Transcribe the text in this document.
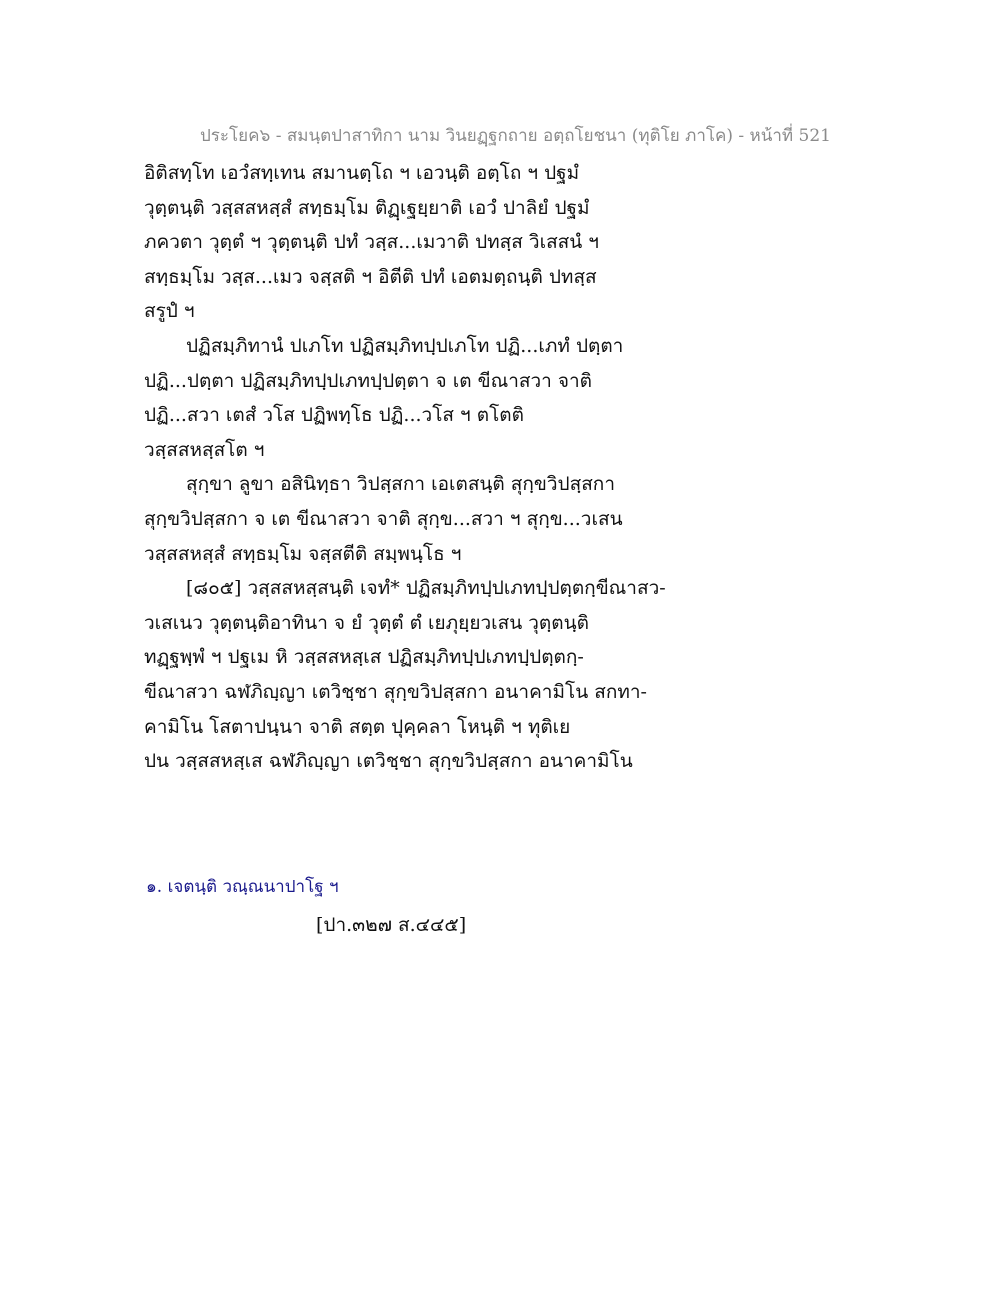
ประโยค๖ - สมนฺตปาสาทิกา นาม วินยฏฺฐกถาย อตฺถโยชนา (ทุติโย ภาโค) - หน้าที่ 521
อิติสทฺโท เอวํสทฺเทน สมานตฺโถ ฯ เอวนฺติ อตฺโถ ฯ ปฐมํ
วุตฺตนฺติ วสฺสสหสฺสํ สทฺธมฺโม ติฏฺเฐยฺยาติ เอวํ ปาลิยํ ปฐมํ
ภควตา วุตฺตํ ฯ วุตฺตนฺติ ปทํ วสฺส...เมวาติ ปทสฺส วิเสสนํ ฯ
สทฺธมฺโม วสฺส...เมว จสฺสติ ฯ อิตีติ ปทํ เอตมตฺถนฺติ ปทสฺส
สรูปํ ฯ
ปฏิสมฺภิทานํ ปเภโท ปฏิสมฺภิทปฺปเภโท ปฏิ...เภทํ ปตฺตา
ปฏิ...ปตฺตา ปฏิสมฺภิทปฺปเภทปฺปตฺตา จ เต ขีณาสวา จาติ
ปฏิ...สวา เตสํ วโส ปฏิพทฺโธ ปฏิ...วโส ฯ ตโตติ
วสฺสสหสฺสโต ฯ
สุกฺขา ลูขา อสินิทฺธา วิปสฺสกา เอเตสนฺติ สุกฺขวิปสฺสกา
สุกฺขวิปสฺสกา จ เต ขีณาสวา จาติ สุกฺข...สวา ฯ สุกฺข...วเสน
วสฺสสหสฺสํ สทฺธมฺโม จสฺสตีติ สมฺพนฺโธ ฯ
[๘๐๕] วสฺสสหสฺสนฺติ เจทํ* ปฏิสมฺภิทปฺปเภทปฺปตฺตกฺขีณาสว-
วเสเนว วุตฺตนฺติอาทินา จ ยํ วุตฺตํ ตํ เยภุยฺยวเสน วุตฺตนฺติ
ทฏฺฐพฺพํ ฯ ปฐเม หิ วสฺสสหสฺเส ปฏิสมฺภิทปฺปเภทปฺปตฺตกฺ-
ขีณาสวา ฉฬภิญฺญา เตวิชฺชา สุกฺขวิปสฺสกา อนาคามิโน สกทา-
คามิโน โสตาปนฺนา จาติ สตฺต ปุคฺคลา โหนฺติ ฯ ทุติเย
ปน วสฺสสหสฺเส ฉฬภิญฺญา เตวิชฺชา สุกฺขวิปสฺสกา อนาคามิโน
๑. เจตนฺติ วณฺณนาปาโฐ ฯ
[ปา.๓๒๗ ส.๔๔๕]
